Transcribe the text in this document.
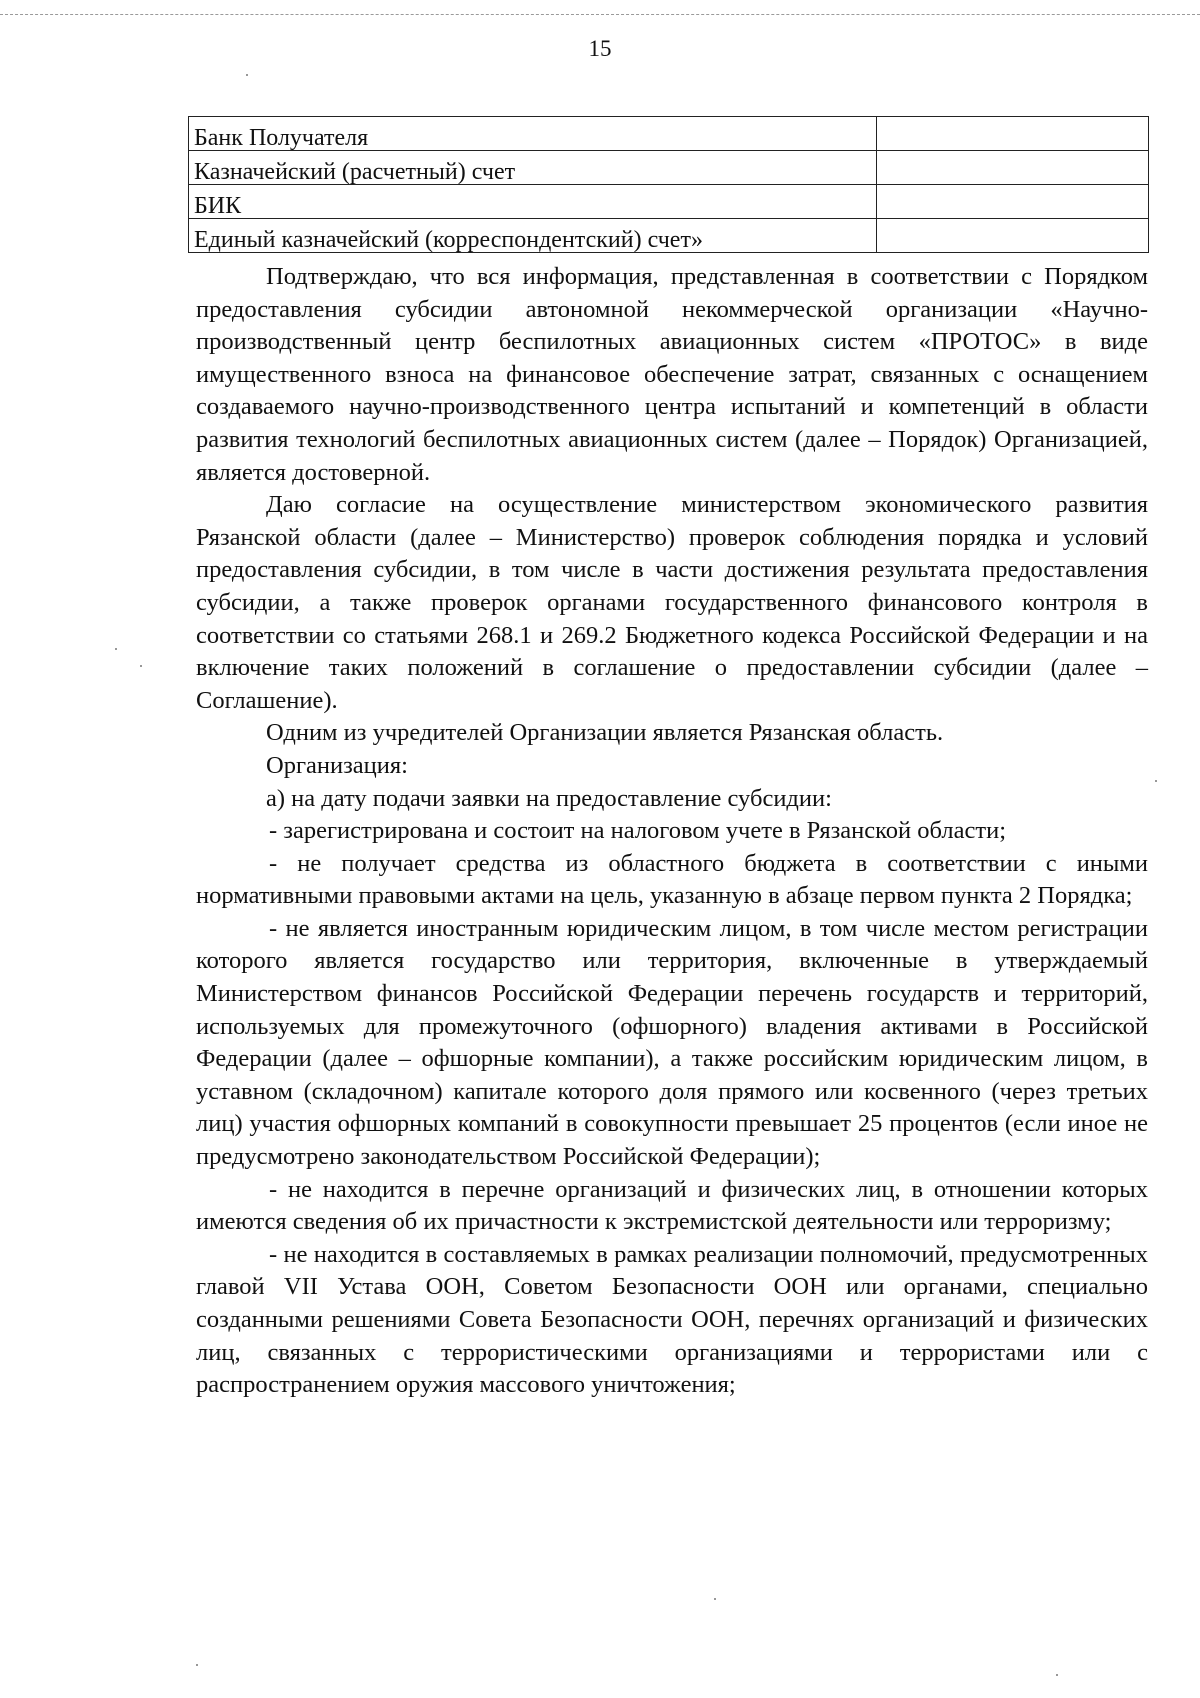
15
Банк Получателя	
Казначейский (расчетный) счет	
БИК	
Единый казначейский (корреспондентский) счет»	

Подтверждаю, что вся информация, представленная в соответствии с Порядком предоставления субсидии автономной некоммерческой организации «Научно-производственный центр беспилотных авиационных систем «ПРОТОС» в виде имущественного взноса на финансовое обеспечение затрат, связанных с оснащением создаваемого научно-производственного центра испытаний и компетенций в области развития технологий беспилотных авиационных систем (далее – Порядок) Организацией, является достоверной.

Даю согласие на осуществление министерством экономического развития Рязанской области (далее – Министерство) проверок соблюдения порядка и условий предоставления субсидии, в том числе в части достижения результата предоставления субсидии, а также проверок органами государственного финансового контроля в соответствии со статьями 268.1 и 269.2 Бюджетного кодекса Российской Федерации и на включение таких положений в соглашение о предоставлении субсидии (далее – Соглашение).

Одним из учредителей Организации является Рязанская область.

Организация:

а) на дату подачи заявки на предоставление субсидии:

- зарегистрирована и состоит на налоговом учете в Рязанской области;

- не получает средства из областного бюджета в соответствии с иными нормативными правовыми актами на цель, указанную в абзаце первом пункта 2 Порядка;

- не является иностранным юридическим лицом, в том числе местом регистрации которого является государство или территория, включенные в утверждаемый Министерством финансов Российской Федерации перечень государств и территорий, используемых для промежуточного (офшорного) владения активами в Российской Федерации (далее – офшорные компании), а также российским юридическим лицом, в уставном (складочном) капитале которого доля прямого или косвенного (через третьих лиц) участия офшорных компаний в совокупности превышает 25 процентов (если иное не предусмотрено законодательством Российской Федерации);

- не находится в перечне организаций и физических лиц, в отношении которых имеются сведения об их причастности к экстремистской деятельности или терроризму;

- не находится в составляемых в рамках реализации полномочий, предусмотренных главой VII Устава ООН, Советом Безопасности ООН или органами, специально созданными решениями Совета Безопасности ООН, перечнях организаций и физических лиц, связанных с террористическими организациями и террористами или с распространением оружия массового уничтожения;
